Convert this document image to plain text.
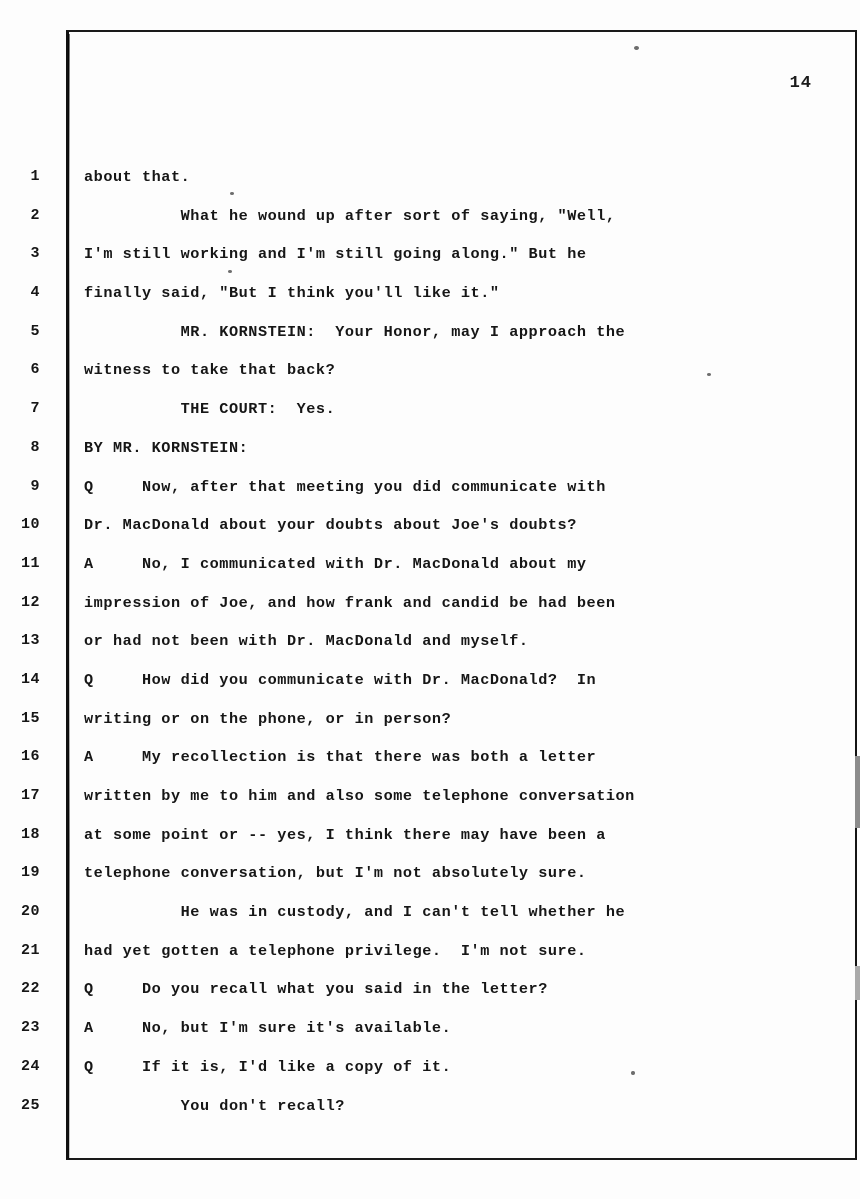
14

1

	about that.

2

	What he wound up after sort of saying, "Well,

3

	I'm still working and I'm still going along." But he

4

	finally said, "But I think you'll like it."

5

	MR. KORNSTEIN:  Your Honor, may I approach the

6

	witness to take that back?

7

	THE COURT:  Yes.

8

	BY MR. KORNSTEIN:

9

	Q     Now, after that meeting you did communicate with

10

	Dr. MacDonald about your doubts about Joe's doubts?

11

	A     No, I communicated with Dr. MacDonald about my

12

	impression of Joe, and how frank and candid be had been

13

	or had not been with Dr. MacDonald and myself.

14

	Q     How did you communicate with Dr. MacDonald?  In

15

	writing or on the phone, or in person?

16

	A     My recollection is that there was both a letter

17

	written by me to him and also some telephone conversation

18

	at some point or -- yes, I think there may have been a

19

	telephone conversation, but I'm not absolutely sure.

20

	He was in custody, and I can't tell whether he

21

	had yet gotten a telephone privilege.  I'm not sure.

22

	Q     Do you recall what you said in the letter?

23

	A     No, but I'm sure it's available.

24

	Q     If it is, I'd like a copy of it.

25

	You don't recall?
